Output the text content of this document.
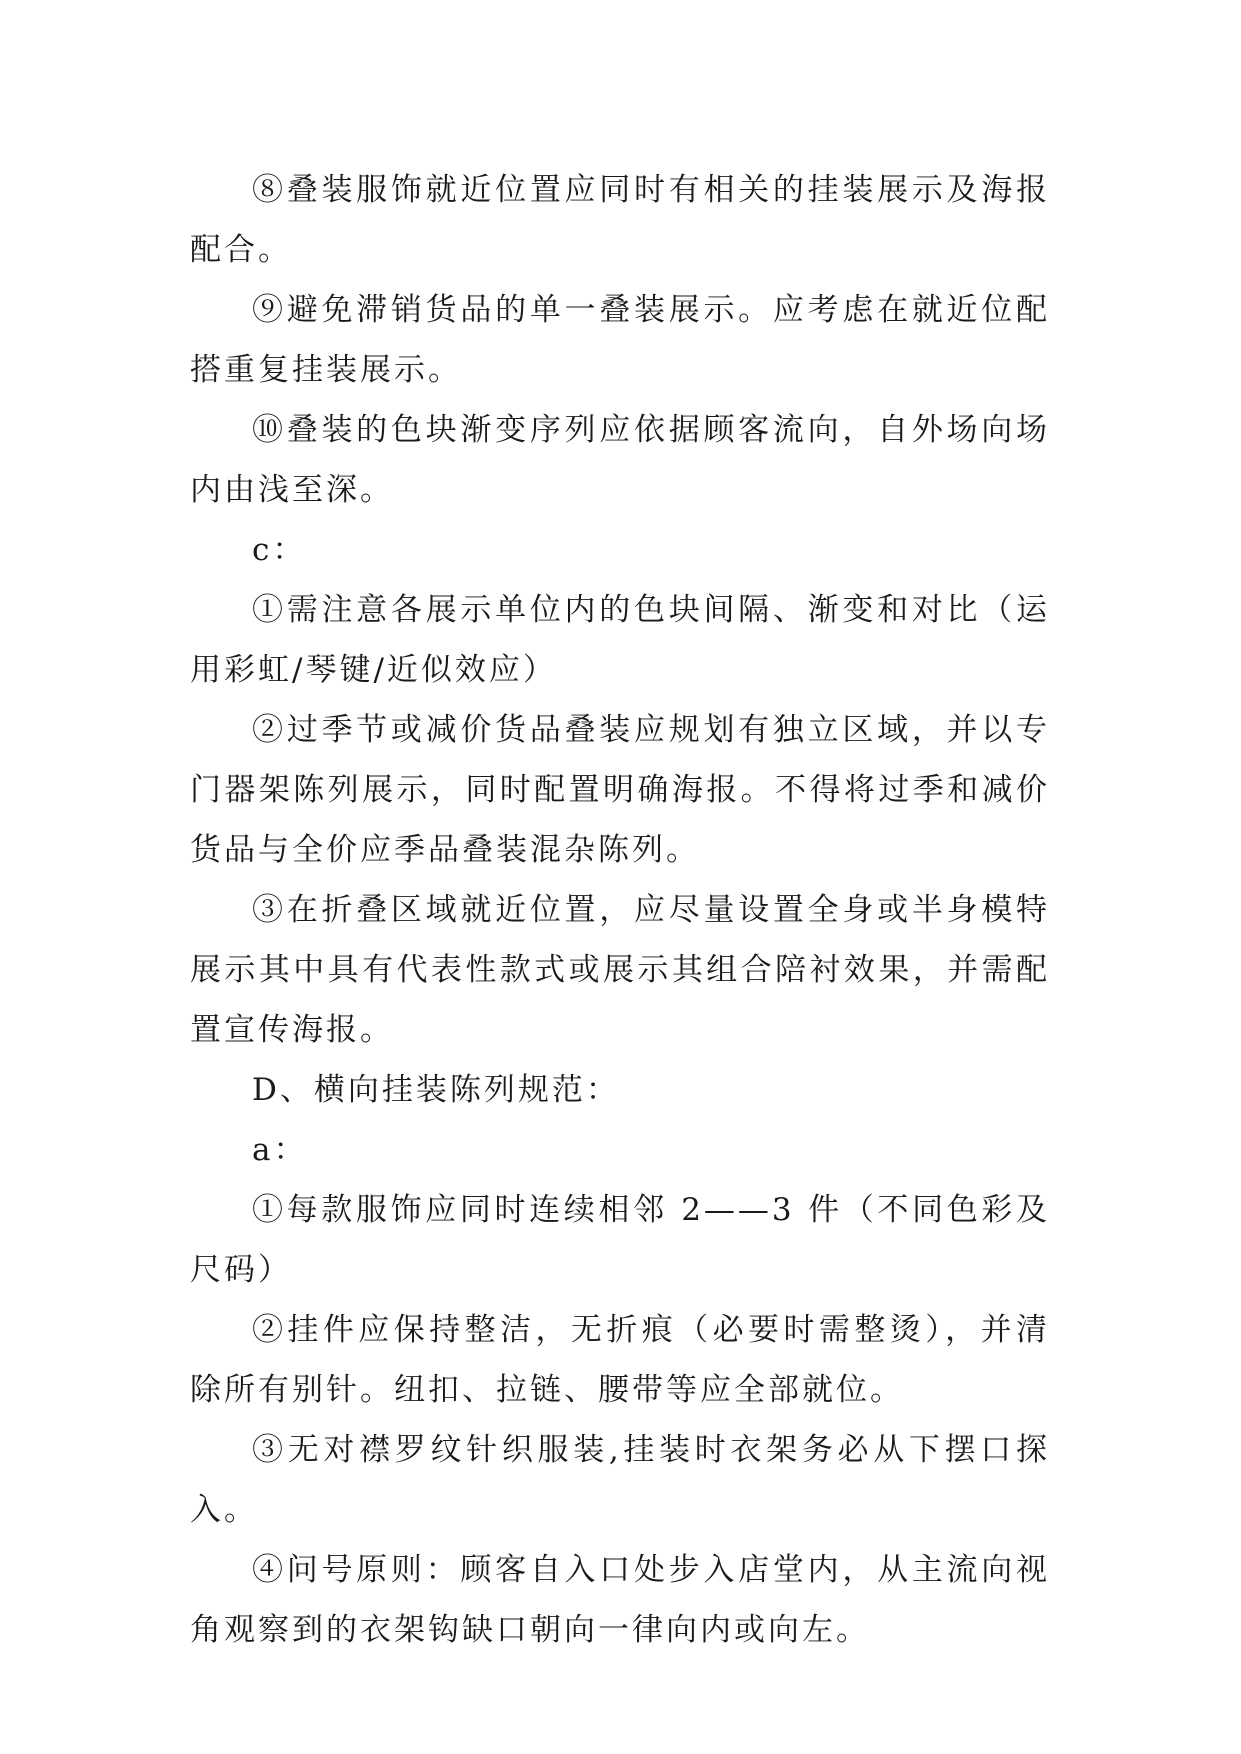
⑧叠装服饰就近位置应同时有相关的挂装展示及海报配合。

⑨避免滞销货品的单一叠装展示。应考虑在就近位配搭重复挂装展示。

⑩叠装的色块渐变序列应依据顾客流向，自外场向场内由浅至深。

c：

①需注意各展示单位内的色块间隔、渐变和对比（运用彩虹/琴键/近似效应）

②过季节或减价货品叠装应规划有独立区域，并以专门器架陈列展示，同时配置明确海报。不得将过季和减价货品与全价应季品叠装混杂陈列。

③在折叠区域就近位置，应尽量设置全身或半身模特展示其中具有代表性款式或展示其组合陪衬效果，并需配置宣传海报。

D、横向挂装陈列规范：

a：

①每款服饰应同时连续相邻 2——3 件（不同色彩及尺码）

②挂件应保持整洁，无折痕（必要时需整烫），并清除所有别针。纽扣、拉链、腰带等应全部就位。

③无对襟罗纹针织服装,挂装时衣架务必从下摆口探入。

④问号原则：顾客自入口处步入店堂内，从主流向视角观察到的衣架钩缺口朝向一律向内或向左。
